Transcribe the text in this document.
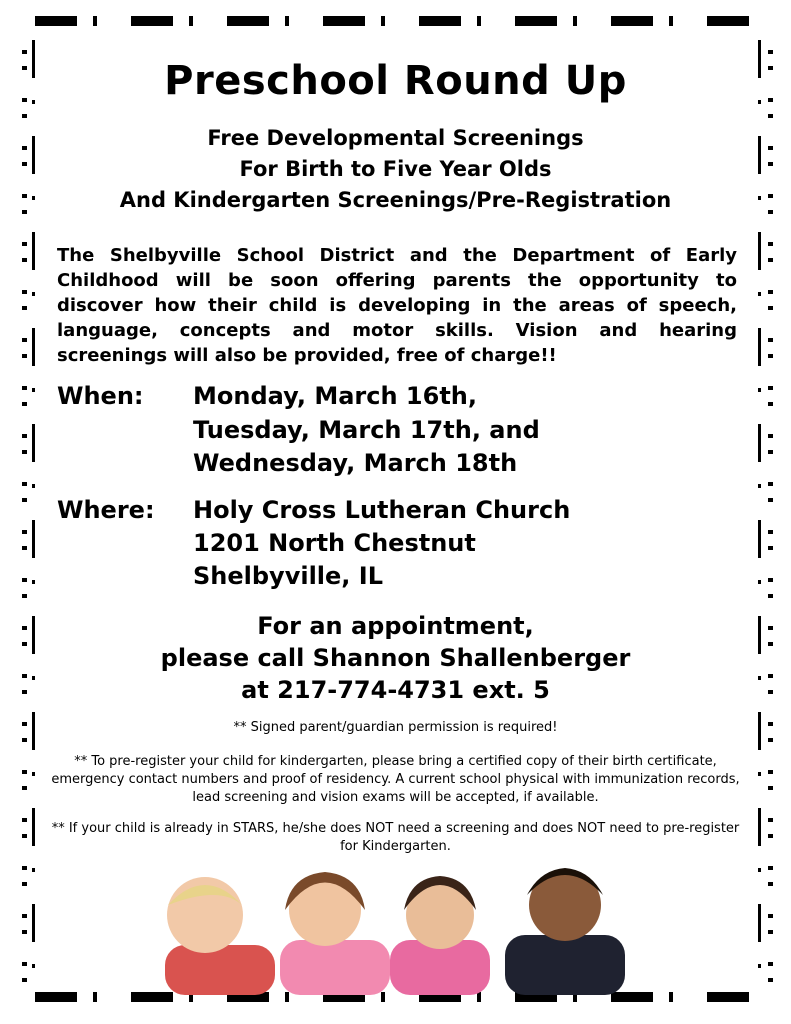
Preschool Round Up
Free Developmental Screenings
For Birth to Five Year Olds
And Kindergarten Screenings/Pre-Registration
The Shelbyville School District and the Department of Early Childhood will be soon offering parents the opportunity to discover how their child is developing in the areas of speech, language, concepts and motor skills. Vision and hearing screenings will also be provided, free of charge!!
When: Monday, March 16th,
Tuesday, March 17th, and
Wednesday, March 18th
Where: Holy Cross Lutheran Church
1201 North Chestnut
Shelbyville, IL
For an appointment,
please call Shannon Shallenberger
at 217-774-4731 ext. 5
** Signed parent/guardian permission is required!
** To pre-register your child for kindergarten, please bring a certified copy of their birth certificate, emergency contact numbers and proof of residency. A current school physical with immunization records, lead screening and vision exams will be accepted, if available.
** If your child is already in STARS, he/she does NOT need a screening and does NOT need to pre-register for Kindergarten.
